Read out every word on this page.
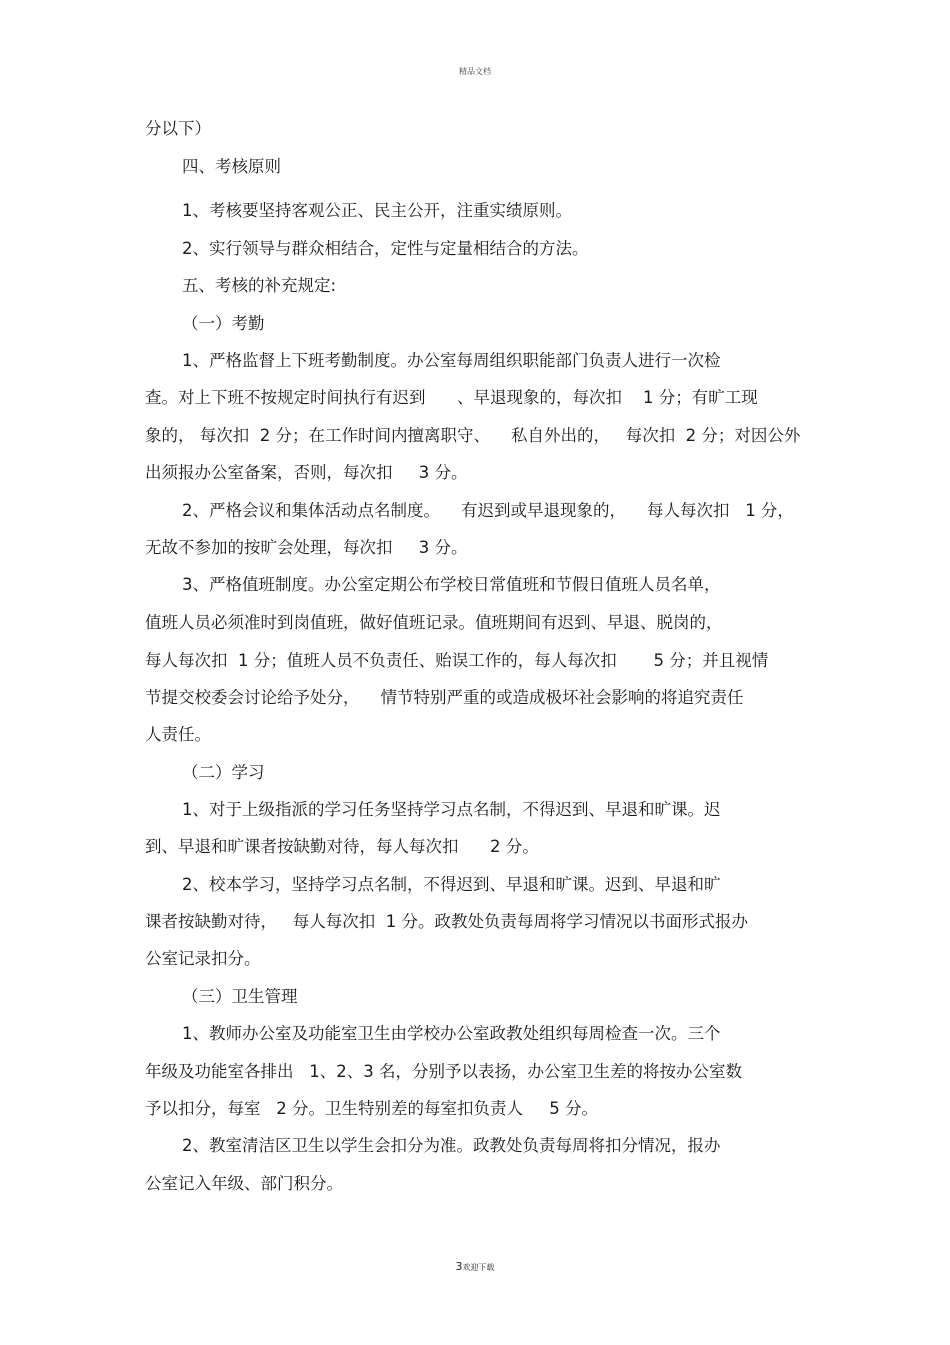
精品文档
分以下）
四、考核原则
1、考核要坚持客观公正、民主公开，注重实绩原则。
2、实行领导与群众相结合，定性与定量相结合的方法。
五、考核的补充规定:
（一）考勤
1、严格监督上下班考勤制度。办公室每周组织职能部门负责人进行一次检
查。对上下班不按规定时间执行有迟到      、早退现象的，每次扣    1 分；有旷工现
象的， 每次扣  2 分；在工作时间内擅离职守、    私自外出的，   每次扣  2 分；对因公外
出须报办公室备案，否则，每次扣     3 分。
2、严格会议和集体活动点名制度。    有迟到或早退现象的，    每人每次扣   1 分，
无故不参加的按旷会处理，每次扣     3 分。
3、严格值班制度。办公室定期公布学校日常值班和节假日值班人员名单，
值班人员必须准时到岗值班，做好值班记录。值班期间有迟到、早退、脱岗的，
每人每次扣  1 分；值班人员不负责任、贻误工作的，每人每次扣       5 分；并且视情
节提交校委会讨论给予处分，    情节特别严重的或造成极坏社会影响的将追究责任
人责任。
（二）学习
1、对于上级指派的学习任务坚持学习点名制，不得迟到、早退和旷课。迟
到、早退和旷课者按缺勤对待，每人每次扣      2 分。
2、校本学习，坚持学习点名制，不得迟到、早退和旷课。迟到、早退和旷
课者按缺勤对待，   每人每次扣  1 分。政教处负责每周将学习情况以书面形式报办
公室记录扣分。
（三）卫生管理
1、教师办公室及功能室卫生由学校办公室政教处组织每周检查一次。三个
年级及功能室各排出   1、2、3 名，分别予以表扬，办公室卫生差的将按办公室数
予以扣分，每室   2 分。卫生特别差的每室扣负责人     5 分。
2、教室清洁区卫生以学生会扣分为准。政教处负责每周将扣分情况，报办
公室记入年级、部门积分。
3欢迎下载
